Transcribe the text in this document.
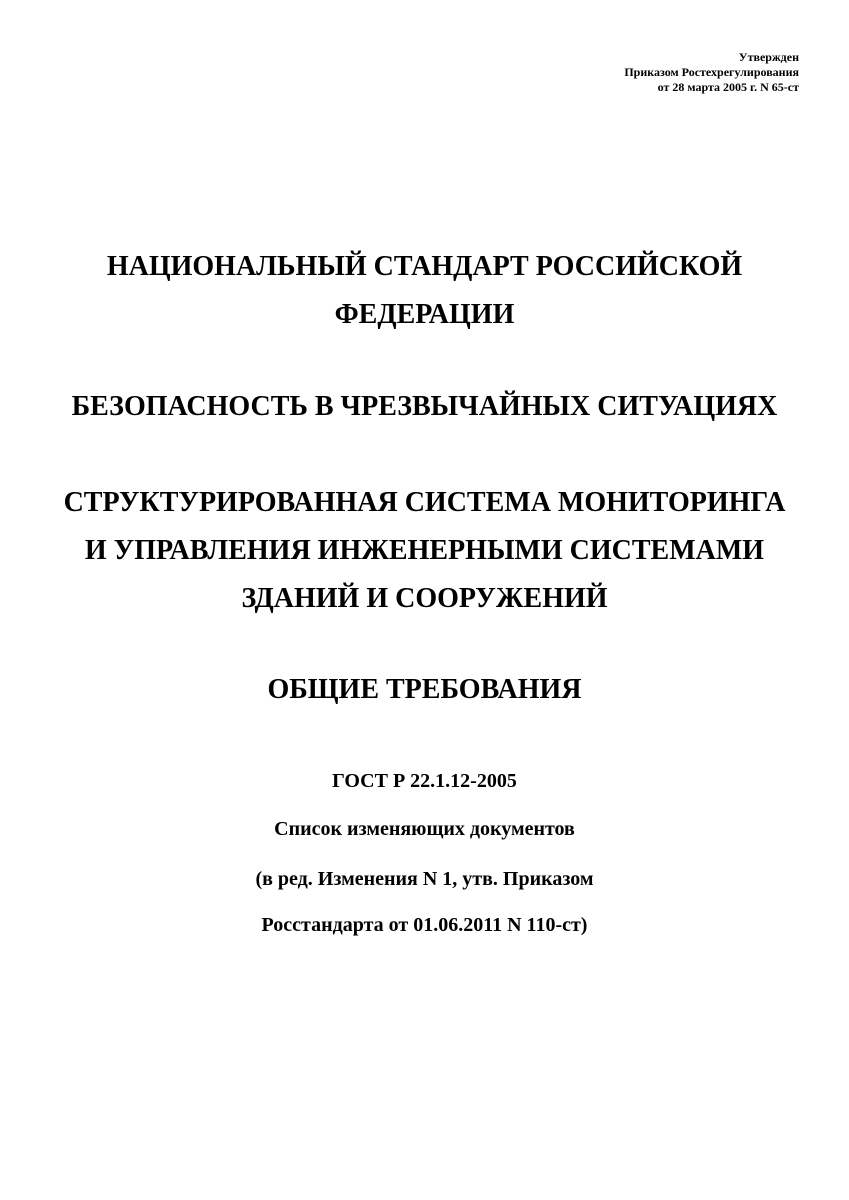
Утвержден
Приказом Ростехрегулирования
от 28 марта 2005 г. N 65-ст
НАЦИОНАЛЬНЫЙ СТАНДАРТ РОССИЙСКОЙ
ФЕДЕРАЦИИ
БЕЗОПАСНОСТЬ В ЧРЕЗВЫЧАЙНЫХ СИТУАЦИЯХ
СТРУКТУРИРОВАННАЯ СИСТЕМА МОНИТОРИНГА
И УПРАВЛЕНИЯ ИНЖЕНЕРНЫМИ СИСТЕМАМИ
ЗДАНИЙ И СООРУЖЕНИЙ
ОБЩИЕ ТРЕБОВАНИЯ
ГОСТ Р 22.1.12-2005
Список изменяющих документов
(в ред. Изменения N 1, утв. Приказом
Росстандарта от 01.06.2011 N 110-ст)
